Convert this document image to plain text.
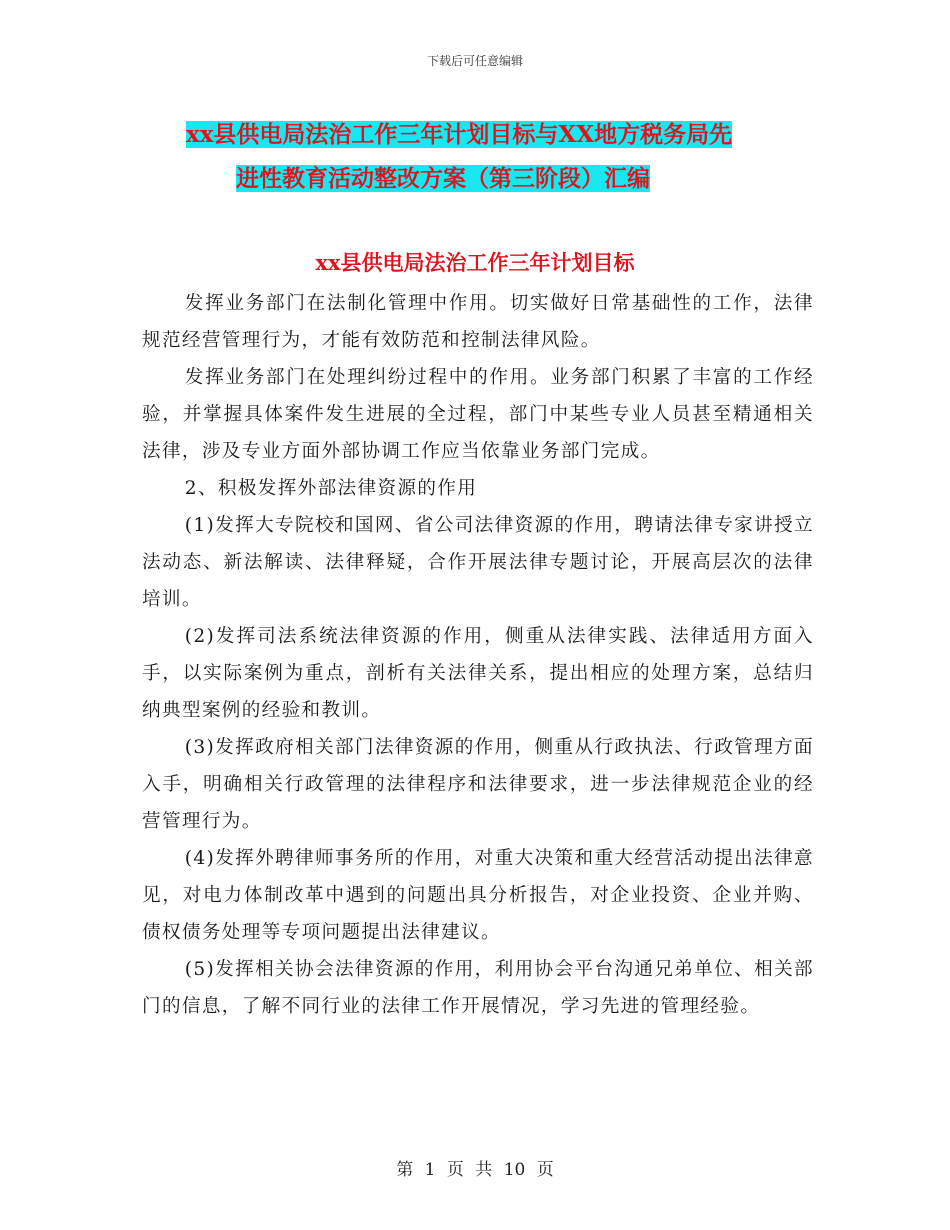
下载后可任意编辑
xx县供电局法治工作三年计划目标与XX地方税务局先
进性教育活动整改方案（第三阶段）汇编
xx县供电局法治工作三年计划目标

发挥业务部门在法制化管理中作用。切实做好日常基础性的工作，法律规范经营管理行为，才能有效防范和控制法律风险。

发挥业务部门在处理纠纷过程中的作用。业务部门积累了丰富的工作经验，并掌握具体案件发生进展的全过程，部门中某些专业人员甚至精通相关法律，涉及专业方面外部协调工作应当依靠业务部门完成。

2、积极发挥外部法律资源的作用

(1)发挥大专院校和国网、省公司法律资源的作用，聘请法律专家讲授立法动态、新法解读、法律释疑，合作开展法律专题讨论，开展高层次的法律培训。

(2)发挥司法系统法律资源的作用，侧重从法律实践、法律适用方面入手，以实际案例为重点，剖析有关法律关系，提出相应的处理方案，总结归纳典型案例的经验和教训。

(3)发挥政府相关部门法律资源的作用，侧重从行政执法、行政管理方面入手，明确相关行政管理的法律程序和法律要求，进一步法律规范企业的经营管理行为。

(4)发挥外聘律师事务所的作用，对重大决策和重大经营活动提出法律意见，对电力体制改革中遇到的问题出具分析报告，对企业投资、企业并购、债权债务处理等专项问题提出法律建议。

(5)发挥相关协会法律资源的作用，利用协会平台沟通兄弟单位、相关部门的信息，了解不同行业的法律工作开展情况，学习先进的管理经验。

第 1 页 共 10 页
